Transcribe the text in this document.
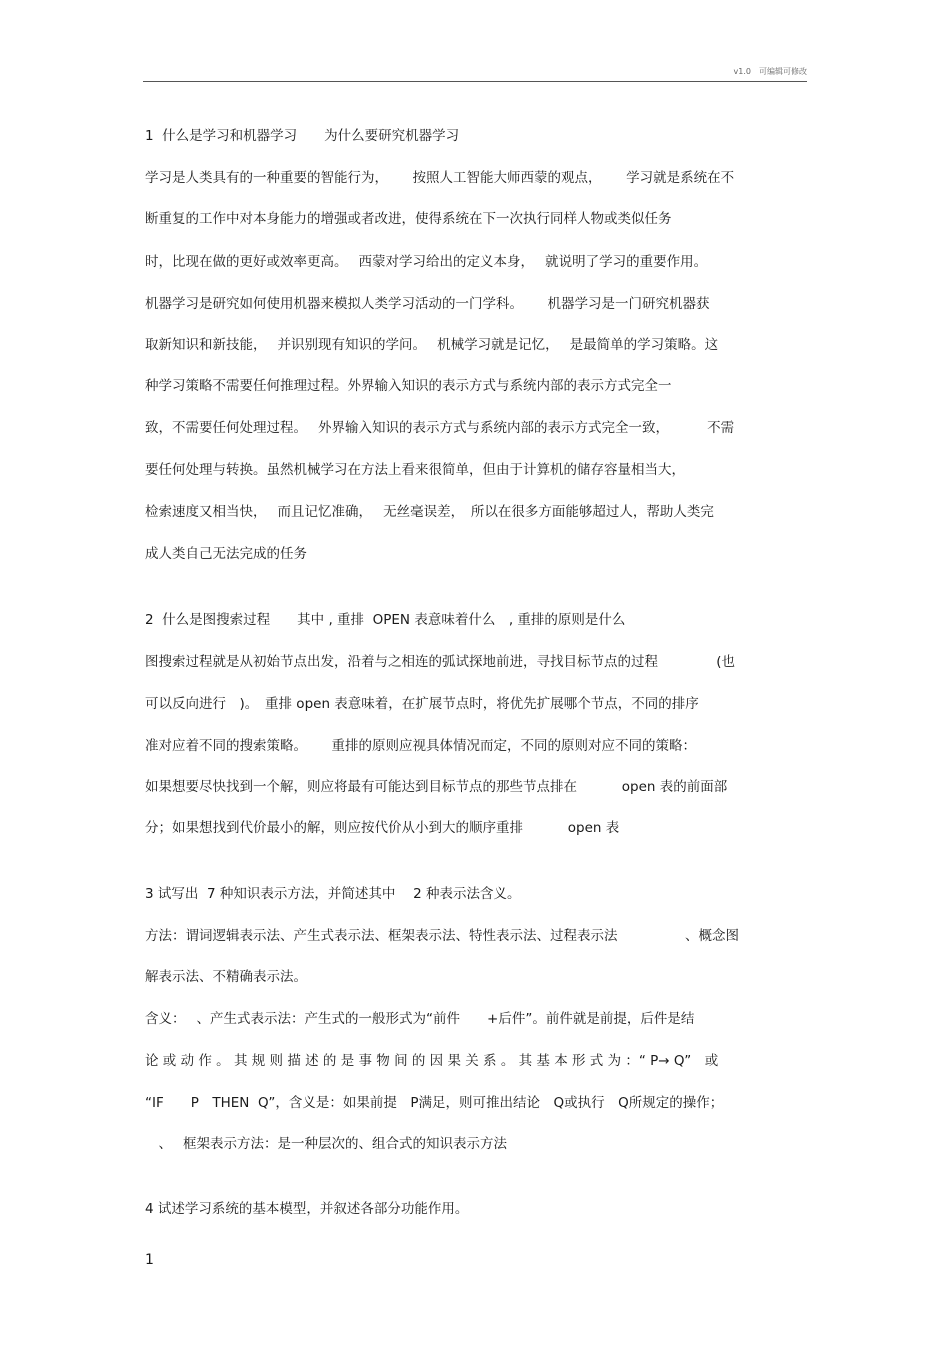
v1.0　可编辑可修改
1  什么是学习和机器学习　　为什么要研究机器学习
学习是人类具有的一种重要的智能行为，　　 按照人工智能大师西蒙的观点，　　 学习就是系统在不
断重复的工作中对本身能力的增强或者改进，使得系统在下一次执行同样人物或类似任务
时，比现在做的更好或效率更高。　 西蒙对学习给出的定义本身，　 就说明了学习的重要作用。
机器学习是研究如何使用机器来模拟人类学习活动的一门学科。　　 机器学习是一门研究机器获
取新知识和新技能，　 并识别现有知识的学问。　 机械学习就是记忆，　 是最简单的学习策略。这
种学习策略不需要任何推理过程。外界输入知识的表示方式与系统内部的表示方式完全一
致，不需要任何处理过程。　 外界输入知识的表示方式与系统内部的表示方式完全一致，　　　 不需
要任何处理与转换。虽然机械学习在方法上看来很简单，但由于计算机的储存容量相当大，
检索速度又相当快，　 而且记忆准确，　 无丝毫误差，　所以在很多方面能够超过人，帮助人类完
成人类自己无法完成的任务
2  什么是图搜索过程　　其中 , 重排  OPEN 表意味着什么　, 重排的原则是什么
图搜索过程就是从初始节点出发，沿着与之相连的弧试探地前进，寻找目标节点的过程　　　　 (也
可以反向进行　)。　重排 open 表意味着，在扩展节点时，将优先扩展哪个节点，不同的排序
准对应着不同的搜索策略。　　 重排的原则应视具体情况而定，不同的原则对应不同的策略：
如果想要尽快找到一个解，则应将最有可能达到目标节点的那些节点排在　　　 open 表的前面部
分；如果想找到代价最小的解，则应按代价从小到大的顺序重排　　　 open 表
3 试写出  7 种知识表示方法，并简述其中　 2 种表示法含义。
方法：谓词逻辑表示法、产生式表示法、框架表示法、特性表示法、过程表示法　　　　　、概念图
解表示法、不精确表示法。
含义：　 、产生式表示法：产生式的一般形式为“前件　　+后件”。前件就是前提，后件是结
论 或 动 作 。 其 规 则 描 述 的 是 事 物 间 的 因 果 关 系 。 其 基 本 形 式 为 ：“ P→ Q”　或
“IF　　P　THEN  Q”，含义是：如果前提　P满足，则可推出结论　Q或执行　Q所规定的操作；
　、　 框架表示方法：是一种层次的、组合式的知识表示方法
4 试述学习系统的基本模型，并叙述各部分功能作用。
1
